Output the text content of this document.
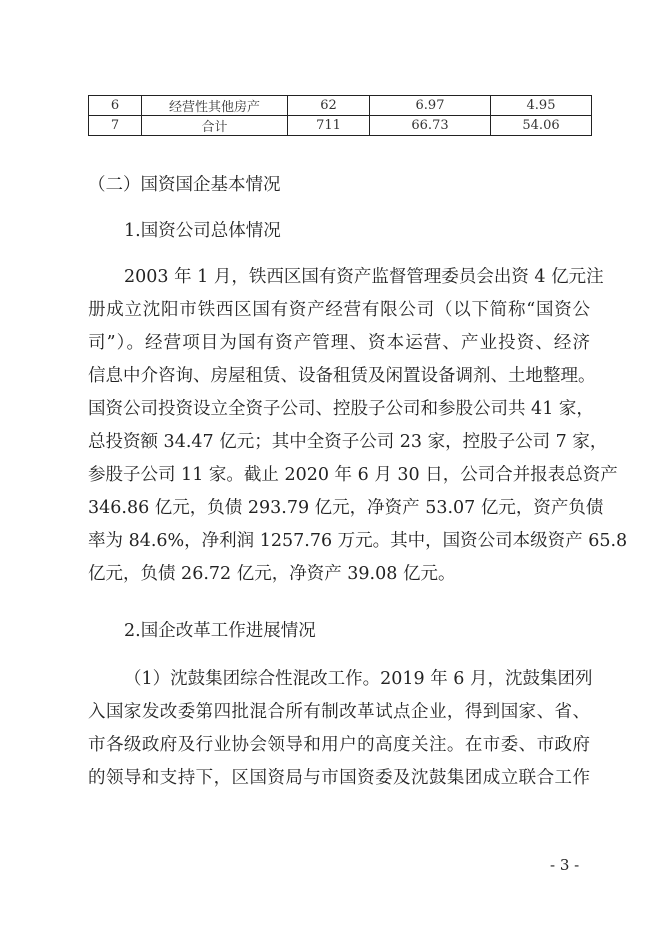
6	经营性其他房产	62	6.97	4.95
7	合计	711	66.73	54.06
（二）国资国企基本情况
1.国资公司总体情况
2003 年 1 月，铁西区国有资产监督管理委员会出资 4 亿元注
册成立沈阳市铁西区国有资产经营有限公司（以下简称“国资公
司”）。经营项目为国有资产管理、资本运营、产业投资、经济
信息中介咨询、房屋租赁、设备租赁及闲置设备调剂、土地整理。
国资公司投资设立全资子公司、控股子公司和参股公司共 41 家，
总投资额 34.47 亿元；其中全资子公司 23 家，控股子公司 7 家，
参股子公司 11 家。截止 2020 年 6 月 30 日，公司合并报表总资产
346.86 亿元，负债 293.79 亿元，净资产 53.07 亿元，资产负债
率为 84.6%，净利润 1257.76 万元。其中，国资公司本级资产 65.8
亿元，负债 26.72 亿元，净资产 39.08 亿元。
2.国企改革工作进展情况
（1）沈鼓集团综合性混改工作。2019 年 6 月，沈鼓集团列
入国家发改委第四批混合所有制改革试点企业，得到国家、省、
市各级政府及行业协会领导和用户的高度关注。在市委、市政府
的领导和支持下，区国资局与市国资委及沈鼓集团成立联合工作
- 3 -
